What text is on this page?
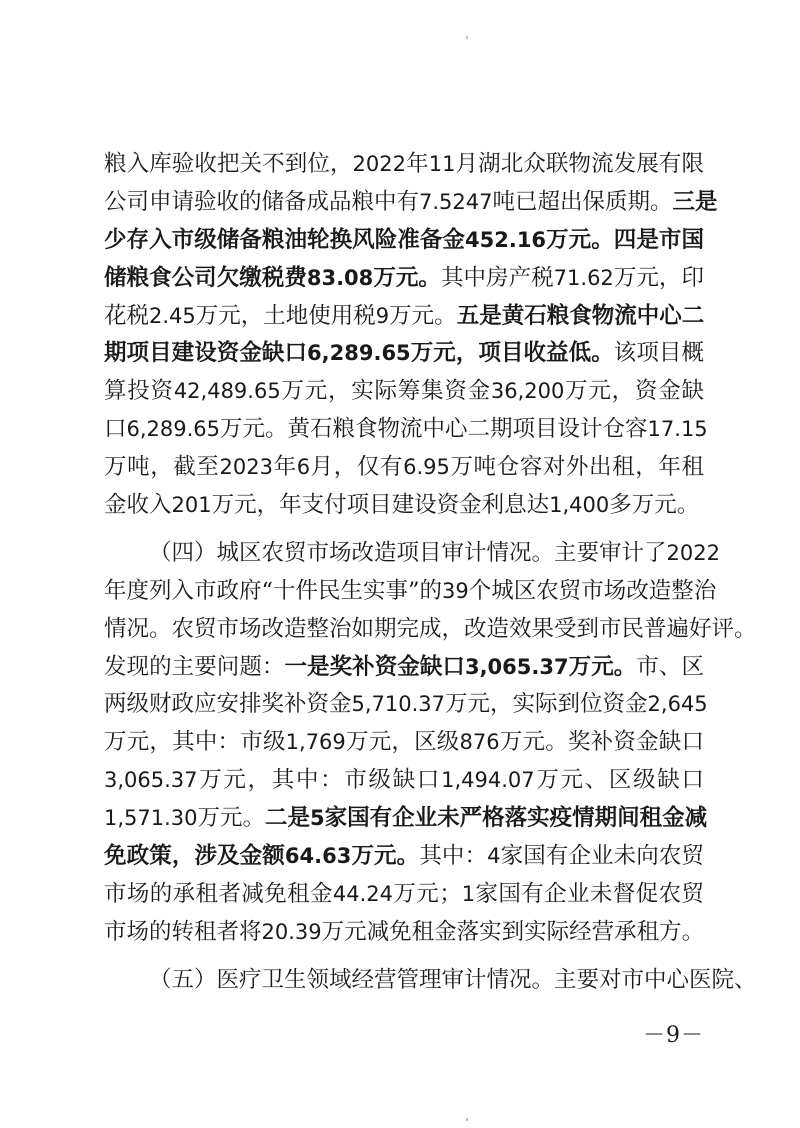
粮入库验收把关不到位，2022年11月湖北众联物流发展有限
公司申请验收的储备成品粮中有7.5247吨已超出保质期。三是
少存入市级储备粮油轮换风险准备金452.16万元。四是市国
储粮食公司欠缴税费83.08万元。其中房产税71.62万元，印
花税2.45万元，土地使用税9万元。五是黄石粮食物流中心二
期项目建设资金缺口6,289.65万元，项目收益低。该项目概
算投资42,489.65万元，实际筹集资金36,200万元，资金缺
口6,289.65万元。黄石粮食物流中心二期项目设计仓容17.15
万吨，截至2023年6月，仅有6.95万吨仓容对外出租，年租
金收入201万元，年支付项目建设资金利息达1,400多万元。
（四）城区农贸市场改造项目审计情况。主要审计了2022
年度列入市政府“十件民生实事”的39个城区农贸市场改造整治
情况。农贸市场改造整治如期完成，改造效果受到市民普遍好评。
发现的主要问题：一是奖补资金缺口3,065.37万元。市、区
两级财政应安排奖补资金5,710.37万元，实际到位资金2,645
万元，其中：市级1,769万元，区级876万元。奖补资金缺口
3,065.37万元，其中：市级缺口1,494.07万元、区级缺口
1,571.30万元。二是5家国有企业未严格落实疫情期间租金减
免政策，涉及金额64.63万元。其中：4家国有企业未向农贸
市场的承租者减免租金44.24万元；1家国有企业未督促农贸
市场的转租者将20.39万元减免租金落实到实际经营承租方。
（五）医疗卫生领域经营管理审计情况。主要对市中心医院、
－9－
